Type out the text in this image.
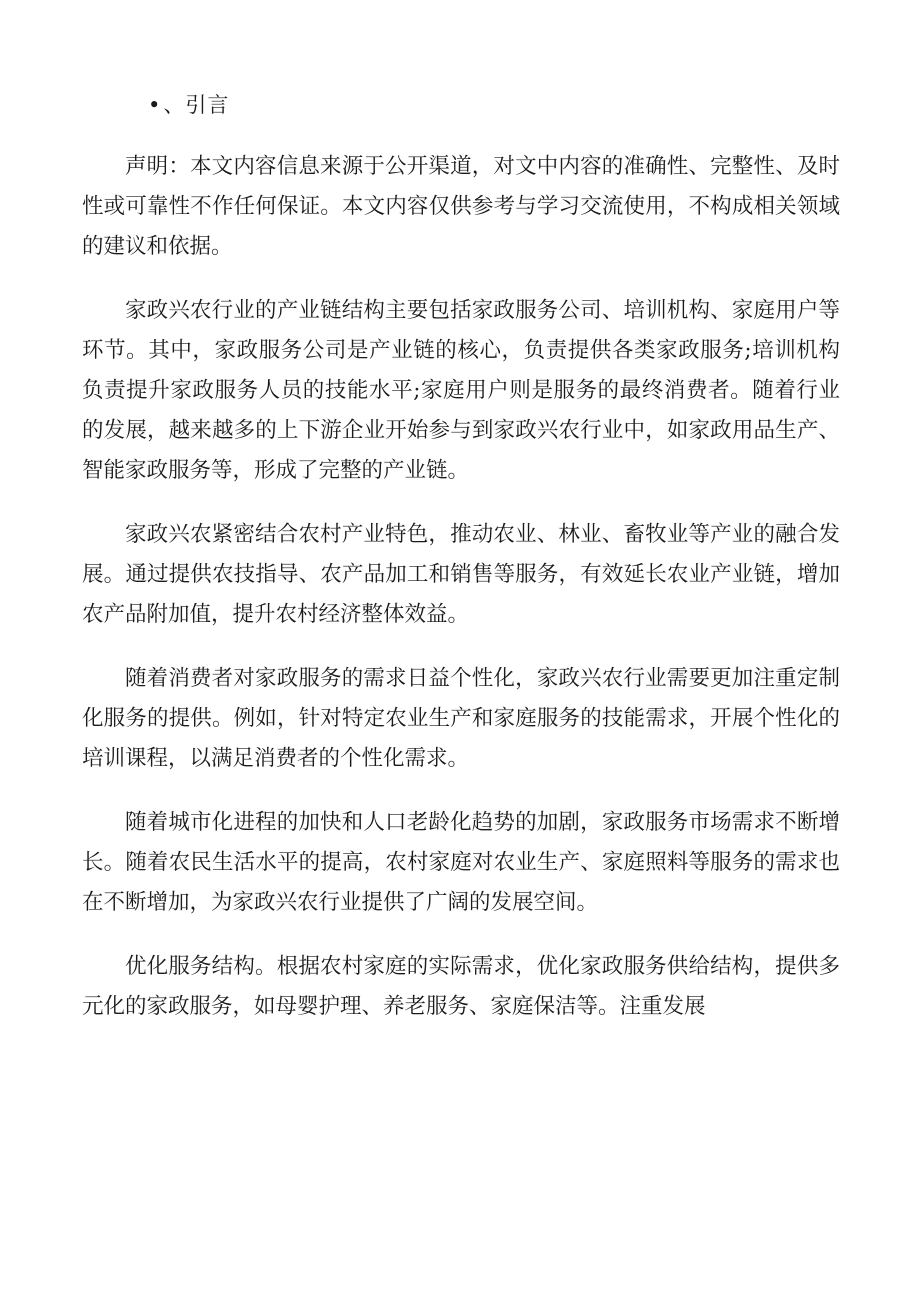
•、引言

声明：本文内容信息来源于公开渠道，对文中内容的准确性、完整性、及时性或可靠性不作任何保证。本文内容仅供参考与学习交流使用，不构成相关领域的建议和依据。

家政兴农行业的产业链结构主要包括家政服务公司、培训机构、家庭用户等环节。其中，家政服务公司是产业链的核心，负责提供各类家政服务;培训机构负责提升家政服务人员的技能水平;家庭用户则是服务的最终消费者。随着行业的发展，越来越多的上下游企业开始参与到家政兴农行业中，如家政用品生产、智能家政服务等，形成了完整的产业链。

家政兴农紧密结合农村产业特色，推动农业、林业、畜牧业等产业的融合发展。通过提供农技指导、农产品加工和销售等服务，有效延长农业产业链，增加农产品附加值，提升农村经济整体效益。

随着消费者对家政服务的需求日益个性化，家政兴农行业需要更加注重定制化服务的提供。例如，针对特定农业生产和家庭服务的技能需求，开展个性化的培训课程，以满足消费者的个性化需求。

随着城市化进程的加快和人口老龄化趋势的加剧，家政服务市场需求不断增长。随着农民生活水平的提高，农村家庭对农业生产、家庭照料等服务的需求也在不断增加，为家政兴农行业提供了广阔的发展空间。

优化服务结构。根据农村家庭的实际需求，优化家政服务供给结构，提供多元化的家政服务，如母婴护理、养老服务、家庭保洁等。注重发展
